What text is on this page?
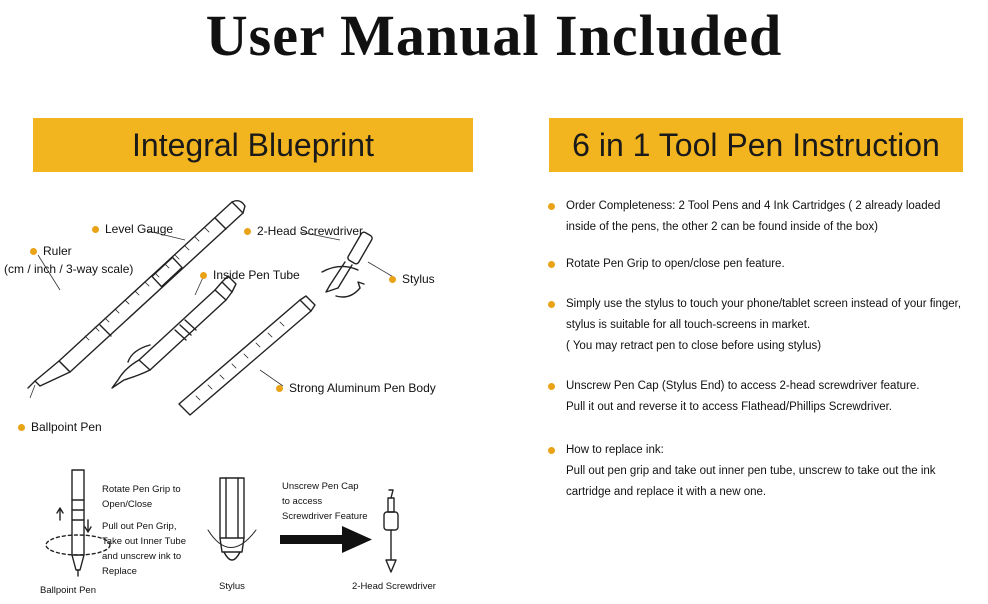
User Manual Included
Integral Blueprint	6 in 1 Tool Pen Instruction
Level Gauge	2-Head Screwdriver
Ruler
(cm / inch / 3-way scale)	Inside Pen Tube	Stylus
Strong Aluminum Pen Body
Ballpoint Pen
Rotate Pen Grip to
Open/Close
Pull out Pen Grip,
Take out Inner Tube
and unscrew ink to
Replace
Ballpoint Pen	Stylus
Unscrew Pen Cap
to access
Screwdriver Feature
2-Head Screwdriver
Order Completeness: 2 Tool Pens and 4 Ink Cartridges ( 2 already loaded
inside of the pens, the other 2 can be found inside of the box)
Rotate Pen Grip to open/close pen feature.
Simply use the stylus to touch your phone/tablet screen instead of your finger,
stylus is suitable for all touch-screens in market.
( You may retract pen to close before using stylus)
Unscrew Pen Cap (Stylus End) to access 2-head screwdriver feature.
Pull it out and reverse it to access Flathead/Phillips Screwdriver.
How to replace ink:
Pull out pen grip and take out inner pen tube, unscrew to take out the ink
cartridge and replace it with a new one.
